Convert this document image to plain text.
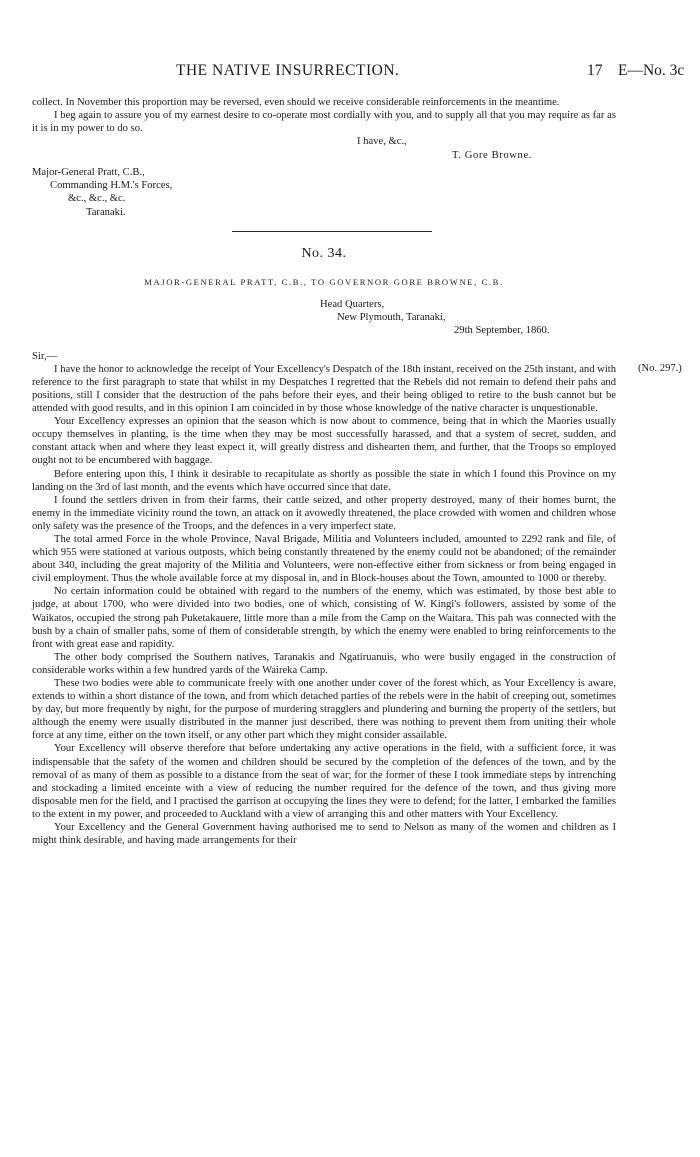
THE NATIVE INSURRECTION.	17 E—No. 3c

collect. In November this proportion may be reversed, even should we receive considerable reinforcements in the meantime.

I beg again to assure you of my earnest desire to co-operate most cordially with you, and to supply all that you may require as far as it is in my power to do so.

I have, &c.,
T. Gore Browne.
Major-General Pratt, C.B.,
Commanding H.M.'s Forces,
&c., &c., &c.
Taranaki.
No. 34.
MAJOR-GENERAL PRATT, C.B., TO GOVERNOR GORE BROWNE, C.B.
Head Quarters,
New Plymouth, Taranaki,
29th September, 1860.
Sir,—
(No. 297.)

I have the honor to acknowledge the receipt of Your Excellency's Despatch of the 18th instant, received on the 25th instant, and with reference to the first paragraph to state that whilst in my Despatches I regretted that the Rebels did not remain to defend their pahs and positions, still I consider that the destruction of the pahs before their eyes, and their being obliged to retire to the bush cannot but be attended with good results, and in this opinion I am coincided in by those whose knowledge of the native character is unquestionable.

Your Excellency expresses an opinion that the season which is now about to commence, being that in which the Maories usually occupy themselves in planting, is the time when they may be most successfully harassed, and that a system of secret, sudden, and constant attack when and where they least expect it, will greatly distress and dishearten them, and further, that the Troops so employed ought not to be encumbered with baggage.

Before entering upon this, I think it desirable to recapitulate as shortly as possible the state in which I found this Province on my landing on the 3rd of last month, and the events which have occurred since that date.

I found the settlers driven in from their farms, their cattle seized, and other property destroyed, many of their homes burnt, the enemy in the immediate vicinity round the town, an attack on it avowedly threatened, the place crowded with women and children whose only safety was the presence of the Troops, and the defences in a very imperfect state.

The total armed Force in the whole Province, Naval Brigade, Militia and Volunteers included, amounted to 2292 rank and file, of which 955 were stationed at various outposts, which being constantly threatened by the enemy could not be abandoned; of the remainder about 340, including the great majority of the Militia and Volunteers, were non-effective either from sickness or from being engaged in civil employment. Thus the whole available force at my disposal in, and in Block-houses about the Town, amounted to 1000 or thereby.

No certain information could be obtained with regard to the numbers of the enemy, which was estimated, by those best able to judge, at about 1700, who were divided into two bodies, one of which, consisting of W. Kingi's followers, assisted by some of the Waikatos, occupied the strong pah Puketakauere, little more than a mile from the Camp on the Waitara. This pah was connected with the bush by a chain of smaller pahs, some of them of considerable strength, by which the enemy were enabled to bring reinforcements to the front with great ease and rapidity.

The other body comprised the Southern natives, Taranakis and Ngatiruanuis, who were busily engaged in the construction of considerable works within a few hundred yards of the Waireka Camp.

These two bodies were able to communicate freely with one another under cover of the forest which, as Your Excellency is aware, extends to within a short distance of the town, and from which detached parties of the rebels were in the habit of creeping out, sometimes by day, but more frequently by night, for the purpose of murdering stragglers and plundering and burning the property of the settlers, but although the enemy were usually distributed in the manner just described, there was nothing to prevent them from uniting their whole force at any time, either on the town itself, or any other part which they might consider assailable.

Your Excellency will observe therefore that before undertaking any active operations in the field, with a sufficient force, it was indispensable that the safety of the women and children should be secured by the completion of the defences of the town, and by the removal of as many of them as possible to a distance from the seat of war; for the former of these I took immediate steps by intrenching and stockading a limited enceinte with a view of reducing the number required for the defence of the town, and thus giving more disposable men for the field, and I practised the garrison at occupying the lines they were to defend; for the latter, I embarked the families to the extent in my power, and proceeded to Auckland with a view of arranging this and other matters with Your Excellency.

Your Excellency and the General Government having authorised me to send to Nelson as many of the women and children as I might think desirable, and having made arrangements for their
